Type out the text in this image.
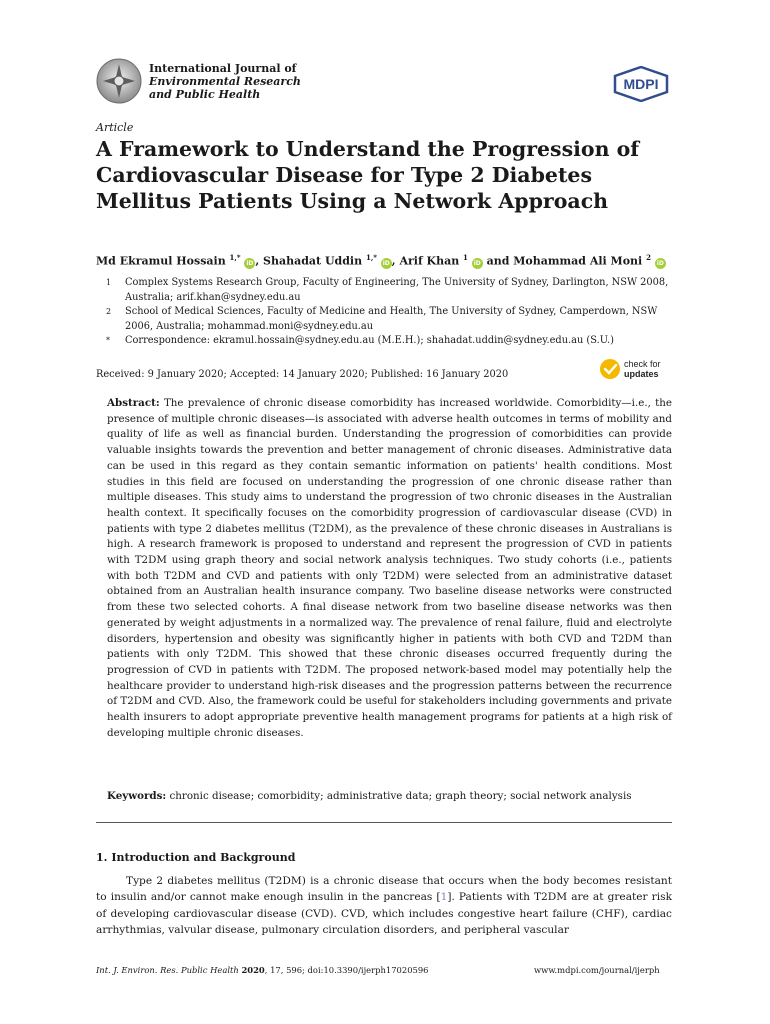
International Journal of
Environmental Research
and Public Health
MDPI
Article
A Framework to Understand the Progression of Cardiovascular Disease for Type 2 Diabetes Mellitus Patients Using a Network Approach
Md Ekramul Hossain $^{1,*}$ iD , Shahadat Uddin $^{1,*}$ iD , Arif Khan $^1$ iD and Mohammad Ali Moni $^2$ iD
1 Complex Systems Research Group, Faculty of Engineering, The University of Sydney, Darlington, NSW 2008, Australia; arif.khan@sydney.edu.au
2 School of Medical Sciences, Faculty of Medicine and Health, The University of Sydney, Camperdown, NSW 2006, Australia; mohammad.moni@sydney.edu.au
* Correspondence: ekramul.hossain@sydney.edu.au (M.E.H.); shahadat.uddin@sydney.edu.au (S.U.)
check for
updates
Received: 9 January 2020; Accepted: 14 January 2020; Published: 16 January 2020
Abstract: The prevalence of chronic disease comorbidity has increased worldwide. Comorbidity—i.e., the presence of multiple chronic diseases—is associated with adverse health outcomes in terms of mobility and quality of life as well as financial burden. Understanding the progression of comorbidities can provide valuable insights towards the prevention and better management of chronic diseases. Administrative data can be used in this regard as they contain semantic information on patients' health conditions. Most studies in this field are focused on understanding the progression of one chronic disease rather than multiple diseases. This study aims to understand the progression of two chronic diseases in the Australian health context. It specifically focuses on the comorbidity progression of cardiovascular disease (CVD) in patients with type 2 diabetes mellitus (T2DM), as the prevalence of these chronic diseases in Australians is high. A research framework is proposed to understand and represent the progression of CVD in patients with T2DM using graph theory and social network analysis techniques. Two study cohorts (i.e., patients with both T2DM and CVD and patients with only T2DM) were selected from an administrative dataset obtained from an Australian health insurance company. Two baseline disease networks were constructed from these two selected cohorts. A final disease network from two baseline disease networks was then generated by weight adjustments in a normalized way. The prevalence of renal failure, fluid and electrolyte disorders, hypertension and obesity was significantly higher in patients with both CVD and T2DM than patients with only T2DM. This showed that these chronic diseases occurred frequently during the progression of CVD in patients with T2DM. The proposed network-based model may potentially help the healthcare provider to understand high-risk diseases and the progression patterns between the recurrence of T2DM and CVD. Also, the framework could be useful for stakeholders including governments and private health insurers to adopt appropriate preventive health management programs for patients at a high risk of developing multiple chronic diseases.
Keywords: chronic disease; comorbidity; administrative data; graph theory; social network analysis
1. Introduction and Background
Type 2 diabetes mellitus (T2DM) is a chronic disease that occurs when the body becomes resistant to insulin and/or cannot make enough insulin in the pancreas [1]. Patients with T2DM are at greater risk of developing cardiovascular disease (CVD). CVD, which includes congestive heart failure (CHF), cardiac arrhythmias, valvular disease, pulmonary circulation disorders, and peripheral vascular
Int. J. Environ. Res. Public Health 2020, 17, 596; doi:10.3390/ijerph17020596	www.mdpi.com/journal/ijerph
